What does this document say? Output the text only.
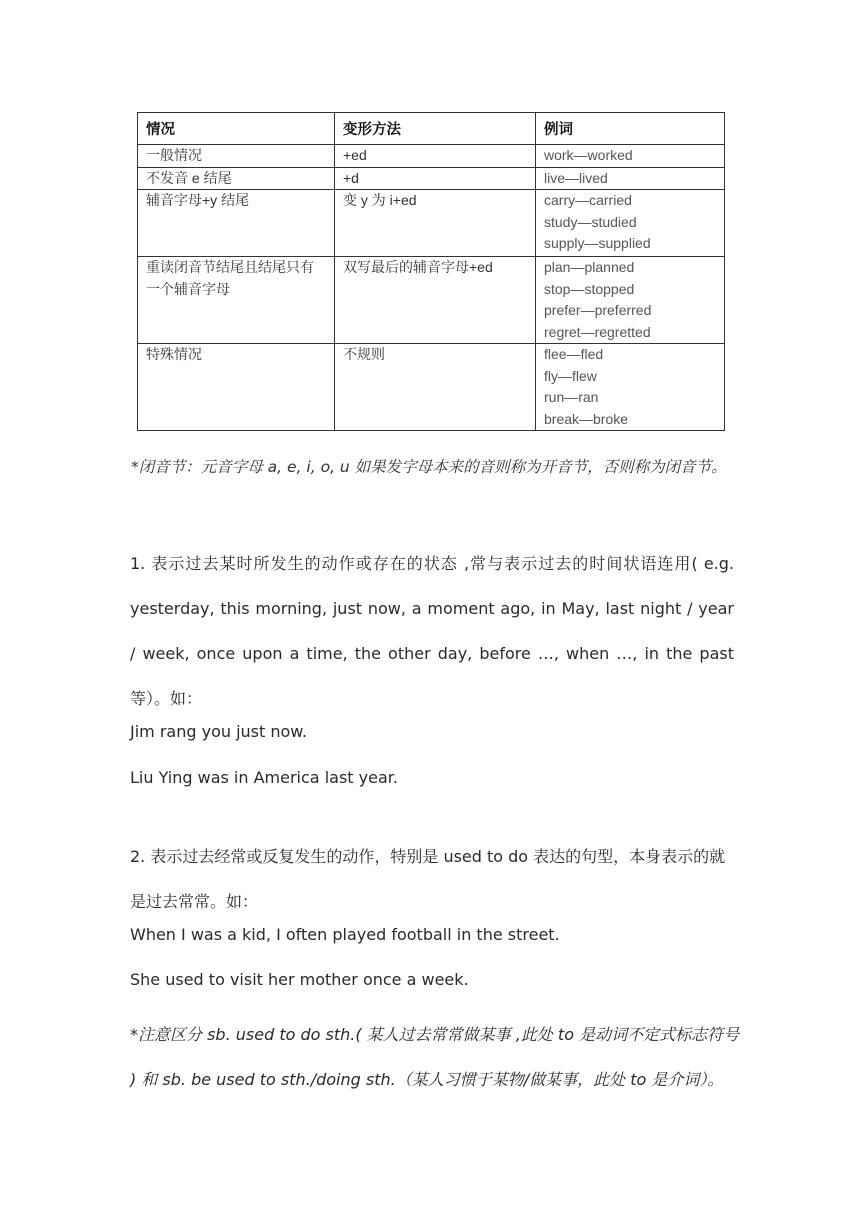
情况	变形方法	例词
一般情况	+ed	work—worked

不发音 e 结尾	+d	live—lived

辅音字母+y 结尾	变 y 为 i+ed	carry—carried
study—studied
supply—supplied

重读闭音节结尾且结尾只有一个辅音字母	双写最后的辅音字母+ed	plan—planned
stop—stopped
prefer—preferred
regret—regretted

特殊情况	不规则	flee—fled
fly—flew
run—ran
break—broke
*闭音节：元音字母 a, e, i, o, u 如果发字母本来的音则称为开音节，否则称为闭音节。
1. 表示过去某时所发生的动作或存在的状态 ,常与表示过去的时间状语连用( e.g. yesterday, this morning, just now, a moment ago, in May, last night / year / week, once upon a time, the other day, before …, when …, in the past 等）。如：
Jim rang you just now.
Liu Ying was in America last year.
2. 表示过去经常或反复发生的动作，特别是 used to do 表达的句型，本身表示的就是过去常常。如：
When I was a kid, I often played football in the street.
She used to visit her mother once a week.
*注意区分 sb. used to do sth.( 某人过去常常做某事 ,此处 to 是动词不定式标志符号 ) 和 sb. be used to sth./doing sth.（某人习惯于某物/做某事，此处 to 是介词）。
